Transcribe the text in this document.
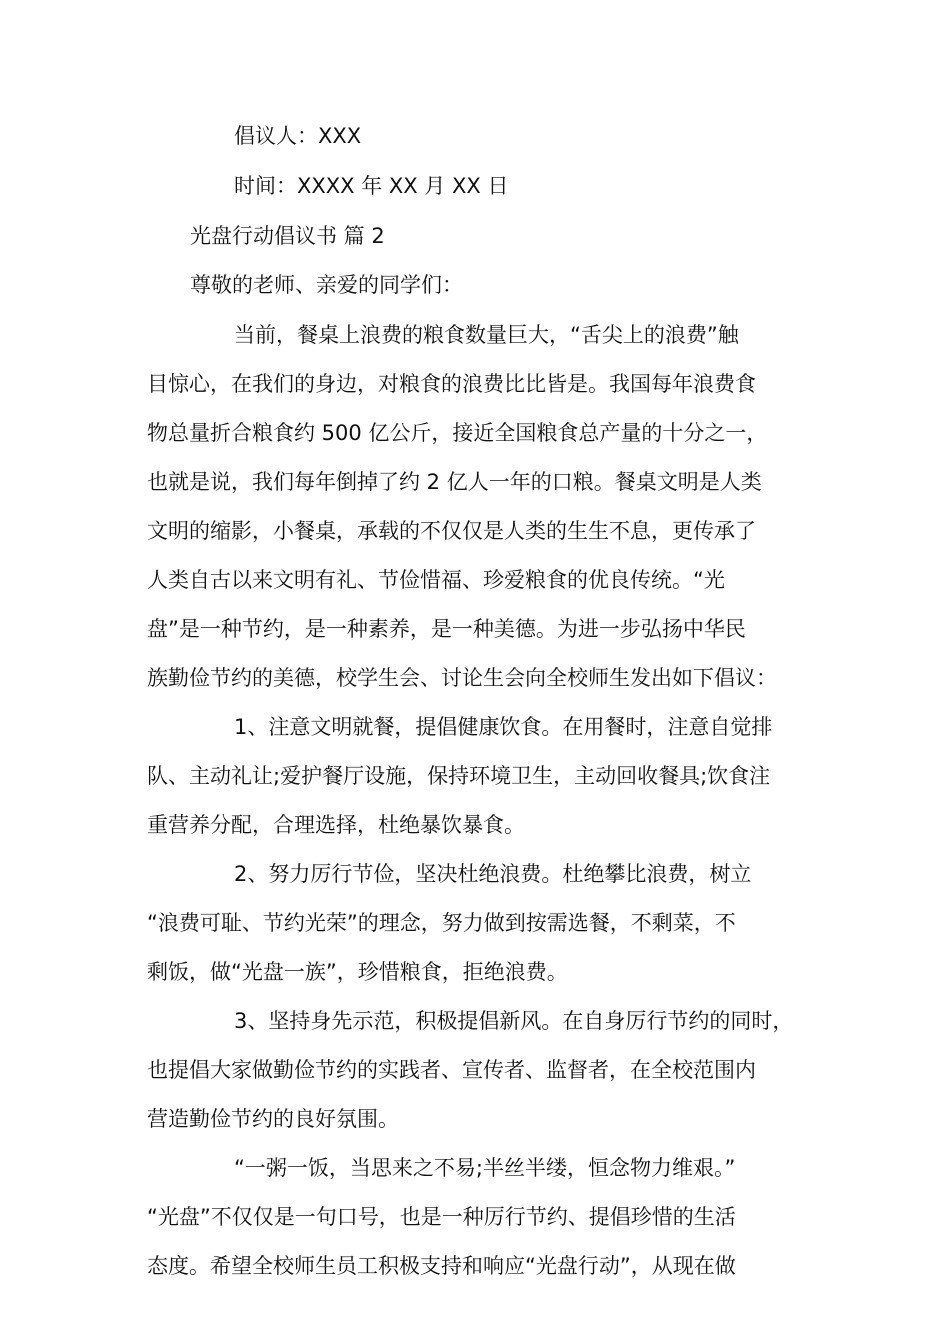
倡议人：XXX
时间：XXXX 年 XX 月 XX 日
光盘行动倡议书 篇 2
尊敬的老师、亲爱的同学们：
当前，餐桌上浪费的粮食数量巨大，“舌尖上的浪费”触
目惊心，在我们的身边，对粮食的浪费比比皆是。我国每年浪费食
物总量折合粮食约 500 亿公斤，接近全国粮食总产量的十分之一，
也就是说，我们每年倒掉了约 2 亿人一年的口粮。餐桌文明是人类
文明的缩影，小餐桌，承载的不仅仅是人类的生生不息，更传承了
人类自古以来文明有礼、节俭惜福、珍爱粮食的优良传统。“光
盘”是一种节约，是一种素养，是一种美德。为进一步弘扬中华民
族勤俭节约的美德，校学生会、讨论生会向全校师生发出如下倡议：
1、注意文明就餐，提倡健康饮食。在用餐时，注意自觉排
队、主动礼让;爱护餐厅设施，保持环境卫生，主动回收餐具;饮食注
重营养分配，合理选择，杜绝暴饮暴食。
2、努力厉行节俭，坚决杜绝浪费。杜绝攀比浪费，树立
“浪费可耻、节约光荣”的理念，努力做到按需选餐，不剩菜，不
剩饭，做“光盘一族”，珍惜粮食，拒绝浪费。
3、坚持身先示范，积极提倡新风。在自身厉行节约的同时，
也提倡大家做勤俭节约的实践者、宣传者、监督者，在全校范围内
营造勤俭节约的良好氛围。
“一粥一饭，当思来之不易;半丝半缕，恒念物力维艰。”
“光盘”不仅仅是一句口号，也是一种厉行节约、提倡珍惜的生活
态度。希望全校师生员工积极支持和响应“光盘行动”，从现在做
